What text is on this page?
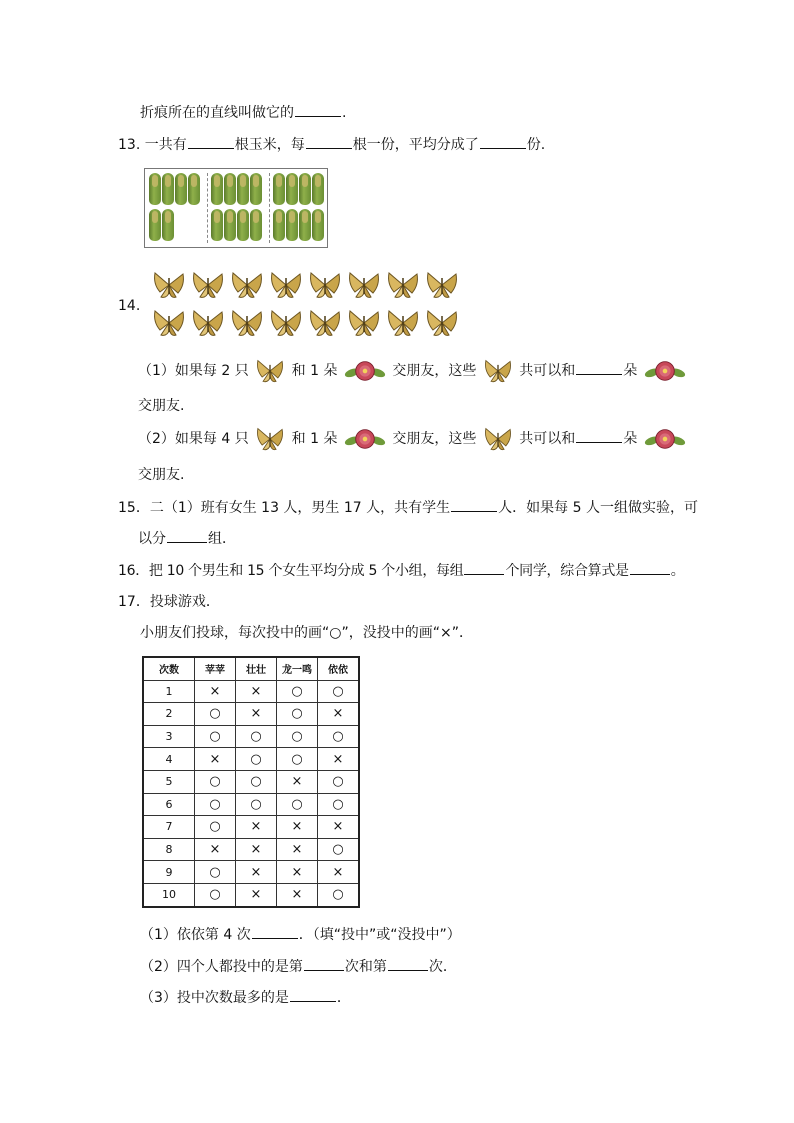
折痕所在的直线叫做它的	.
13. 一共有	根玉米，每	根一份，平均分成了	份.
14.
（1）如果每 2 只	和 1 朵	交朋友，这些	共可以和	朵
交朋友.
（2）如果每 4 只	和 1 朵	交朋友，这些	共可以和	朵
交朋友.
15．二（1）班有女生 13 人，男生 17 人，共有学生	人．如果每 5 人一组做实验，可
以分	组．
16．把 10 个男生和 15 个女生平均分成 5 个小组，每组	个同学，综合算式是	。
17．投球游戏．
小朋友们投球，每次投中的画“○”，没投中的画“×”．
次数	苹苹	壮壮	龙一鸣	依依
1	×	×	○	○
2	○	×	○	×
3	○	○	○	○
4	×	○	○	×
5	○	○	×	○
6	○	○	○	○
7	○	×	×	×
8	×	×	×	○
9	○	×	×	×
10	○	×	×	○
（1）依依第 4 次	．（填“投中”或“没投中”）
（2）四个人都投中的是第	次和第	次．
（3）投中次数最多的是	．
